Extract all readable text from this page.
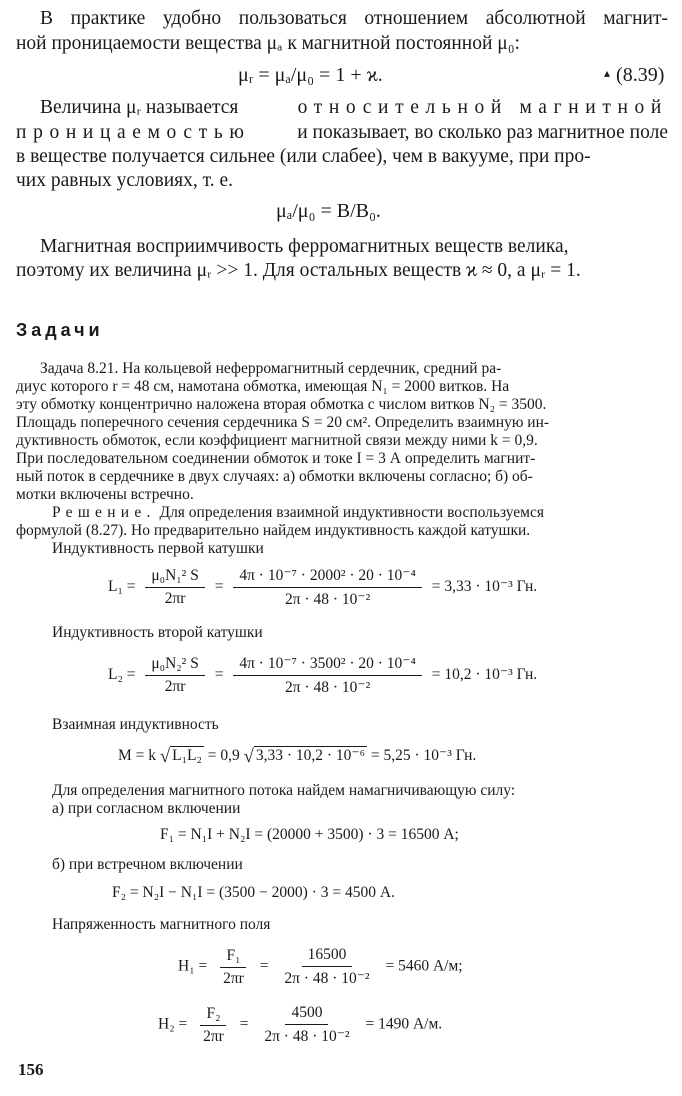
В практике удобно пользоваться отношением абсолютной магнит-
ной проницаемости вещества μₐ к магнитной постоянной μ₀:
μᵣ = μₐ/μ₀ = 1 + ϰ.	▴ (8.39)
Величина μᵣ называется	относительной магнитной
проницаемостью и показывает, во сколько раз магнитное поле
в веществе получается сильнее (или слабее), чем в вакууме, при про-
чих равных условиях, т. е.
μₐ/μ₀ = B/B₀.
Магнитная восприимчивость ферромагнитных веществ велика,
поэтому их величина μᵣ >> 1. Для остальных веществ ϰ ≈ 0, а μᵣ = 1.
Задачи
Задача 8.21. На кольцевой неферромагнитный сердечник, средний ра-
диус которого r = 48 см, намотана обмотка, имеющая N₁ = 2000 витков. На
эту обмотку концентрично наложена вторая обмотка с числом витков N₂ = 3500.
Площадь поперечного сечения сердечника S = 20 см². Определить взаимную ин-
дуктивность обмоток, если коэффициент магнитной связи между ними k = 0,9.
При последовательном соединении обмоток и токе I = 3 А определить магнит-
ный поток в сердечнике в двух случаях: а) обмотки включены согласно; б) об-
мотки включены встречно.
Решение. Для определения взаимной индуктивности воспользуемся
формулой (8.27). Но предварительно найдем индуктивность каждой катушки.
Индуктивность первой катушки
$L_1 = \frac{\text{μ₀N₁² S}}{2\pi r} = \frac{\text{4π · 10⁻⁷ · 2000² · 20 · 10⁻⁴}}{\text{2π · 48 · 10⁻²}} = 3,33 \cdot 10^{-3}$ Гн.
Индуктивность второй катушки
$L_2 = \frac{\text{μ₀N₂² S}}{2\pi r} = \frac{\text{4π · 10⁻⁷ · 3500² · 20 · 10⁻⁴}}{\text{2π · 48 · 10⁻²}} = 10,2 \cdot 10^{-3}$ Гн.
Взаимная индуктивность
M = k √ L₁L₂ = 0,9 √ 3,33 · 10,2 · 10⁻⁶ = 5,25 · 10⁻³ Гн.
Для определения магнитного потока найдем намагничивающую силу:
а) при согласном включении
F₁ = N₁I + N₂I = (20000 + 3500) · 3 = 16500 А;
б) при встречном включении
F₂ = N₂I − N₁I = (3500 − 2000) · 3 = 4500 А.
Напряженность магнитного поля
$H_1 = \frac{\text{F₁}}{2\pi r} = \frac{16500}{\text{2π · 48 · 10⁻²}} = 5460$ А/м;
$H_2 = \frac{\text{F₂}}{2\pi r} = \frac{4500}{\text{2π · 48 · 10⁻²}} = 1490$ А/м.
156
